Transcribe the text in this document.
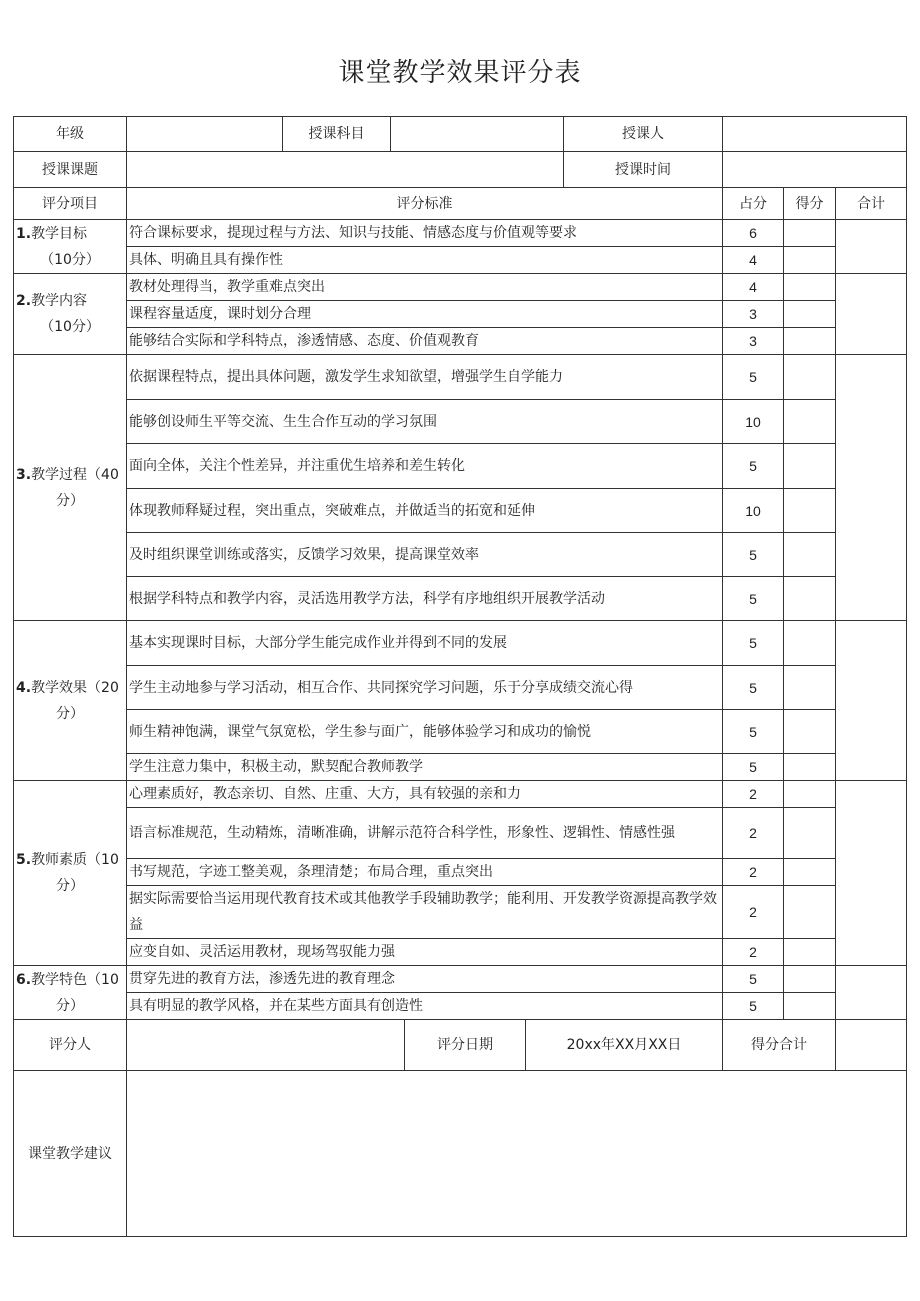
课堂教学效果评分表
年级		授课科目				授课人			
授课课题						授课时间			
评分项目	评分标准						占分	得分	合计

1.教学目标
（10分）	符合课标要求，提现过程与方法、知识与技能、情感态度与价值观等要求						6		
	具体、明确且具有操作性						4		

2.教学内容
（10分）	教材处理得当，教学重难点突出						4		
	课程容量适度，课时划分合理						3		
	能够结合实际和学科特点，渗透情感、态度、价值观教育						3		

3.教学过程（40
分）	依据课程特点，提出具体问题，激发学生求知欲望，增强学生自学能力						5		
	能够创设师生平等交流、生生合作互动的学习氛围						10		
	面向全体，关注个性差异，并注重优生培养和差生转化						5		
	体现教师释疑过程，突出重点，突破难点，并做适当的拓宽和延伸						10		
	及时组织课堂训练或落实，反馈学习效果，提高课堂效率						5		
	根据学科特点和教学内容，灵活选用教学方法，科学有序地组织开展教学活动						5		

4.教学效果（20
分）	基本实现课时目标，大部分学生能完成作业并得到不同的发展						5		
	学生主动地参与学习活动，相互合作、共同探究学习问题，乐于分享成绩交流心得						5		
	师生精神饱满，课堂气氛宽松，学生参与面广，能够体验学习和成功的愉悦						5		
	学生注意力集中，积极主动，默契配合教师教学						5		

5.教师素质（10
分）	心理素质好，教态亲切、自然、庄重、大方，具有较强的亲和力						2		
	语言标准规范，生动精炼，清晰准确，讲解示范符合科学性，形象性、逻辑性、情感性强						2		
	书写规范，字迹工整美观，条理清楚；布局合理，重点突出						2		
	据实际需要恰当运用现代教育技术或其他教学手段辅助教学；能利用、开发教学资源提高教学效益						2		
	应变自如、灵活运用教材，现场驾驭能力强						2		

6.教学特色（10
分）	贯穿先进的教育方法，渗透先进的教育理念						5		
	具有明显的教学风格，并在某些方面具有创造性						5		
评分人				评分日期	20xx年XX月XX日		得分合计		
课堂教学建议									
